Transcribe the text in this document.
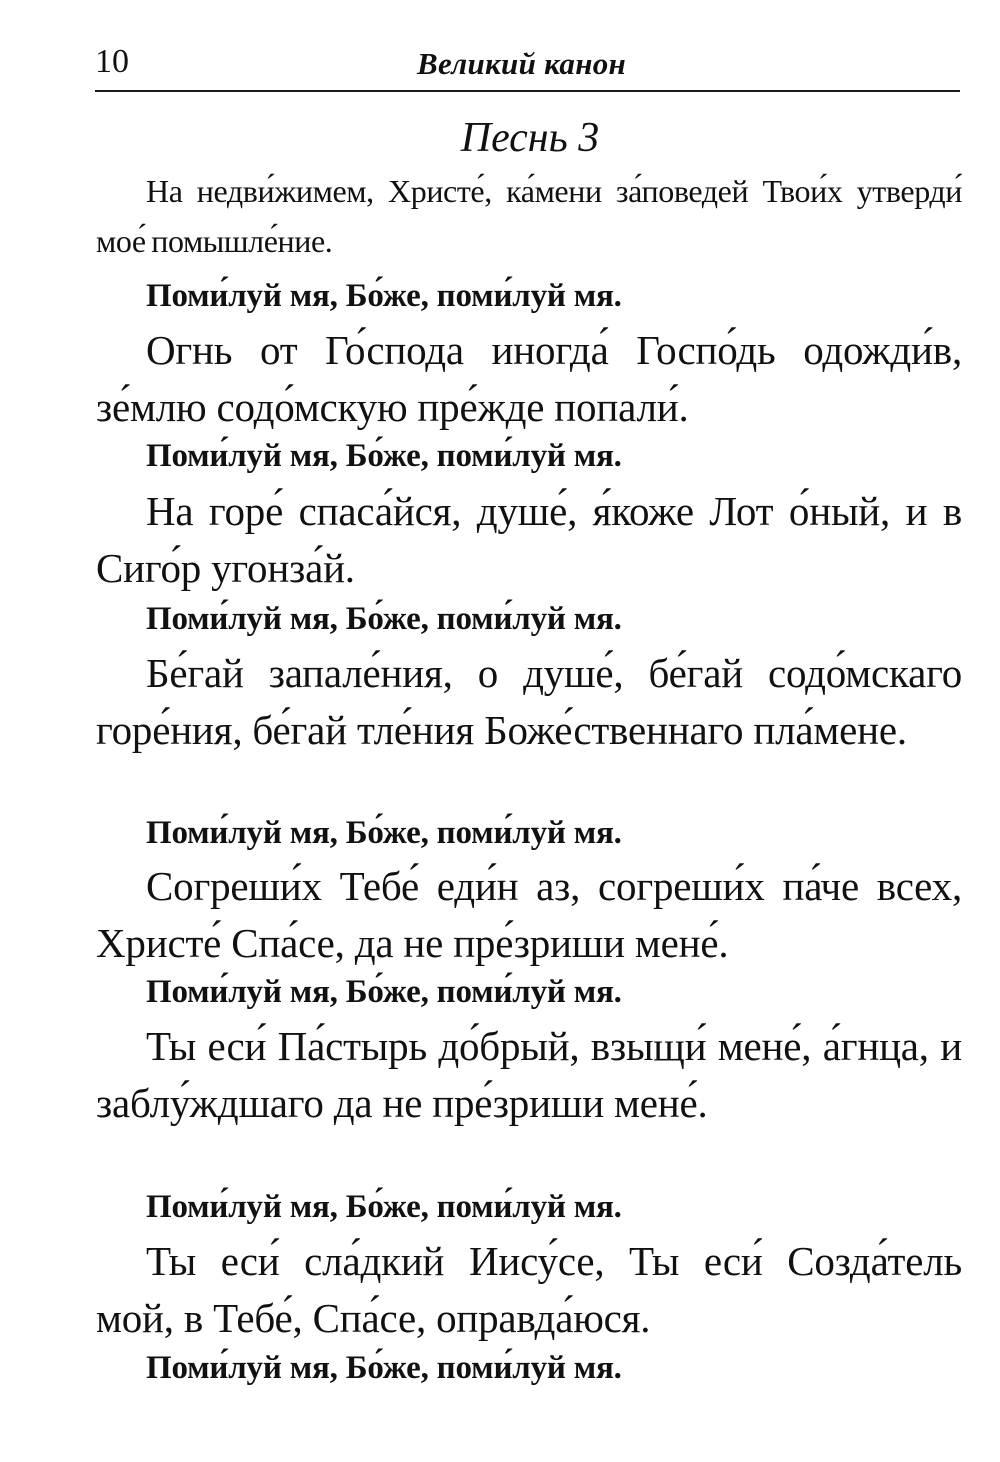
10	Великий канон
Песнь 3

На недви́жимем, Христе́, ка́мени за́поведей Твои́х утверди́ мое́ помышле́ние.

Поми́луй мя, Бо́же, поми́луй мя.

Огнь от Го́спода иногда́ Госпо́дь одожди́в, зе́млю содо́мскую пре́жде попали́.

Поми́луй мя, Бо́же, поми́луй мя.

На горе́ спаса́йся, душе́, я́коже Лот о́ный, и в Сиго́р угонза́й.

Поми́луй мя, Бо́же, поми́луй мя.

Бе́гай запале́ния, о душе́, бе́гай содо́мскаго горе́ния, бе́гай тле́ния Боже́ственнаго пла́мене.

Поми́луй мя, Бо́же, поми́луй мя.

Согреши́х Тебе́ еди́н аз, согреши́х па́че всех, Христе́ Спа́се, да не пре́зриши мене́.

Поми́луй мя, Бо́же, поми́луй мя.

Ты еси́ Па́стырь до́брый, взыщи́ мене́, а́гнца, и заблу́ждшаго да не пре́зриши мене́.

Поми́луй мя, Бо́же, поми́луй мя.

Ты еси́ сла́дкий Иису́се, Ты еси́ Созда́тель мой, в Тебе́, Спа́се, оправда́юся.

Поми́луй мя, Бо́же, поми́луй мя.
